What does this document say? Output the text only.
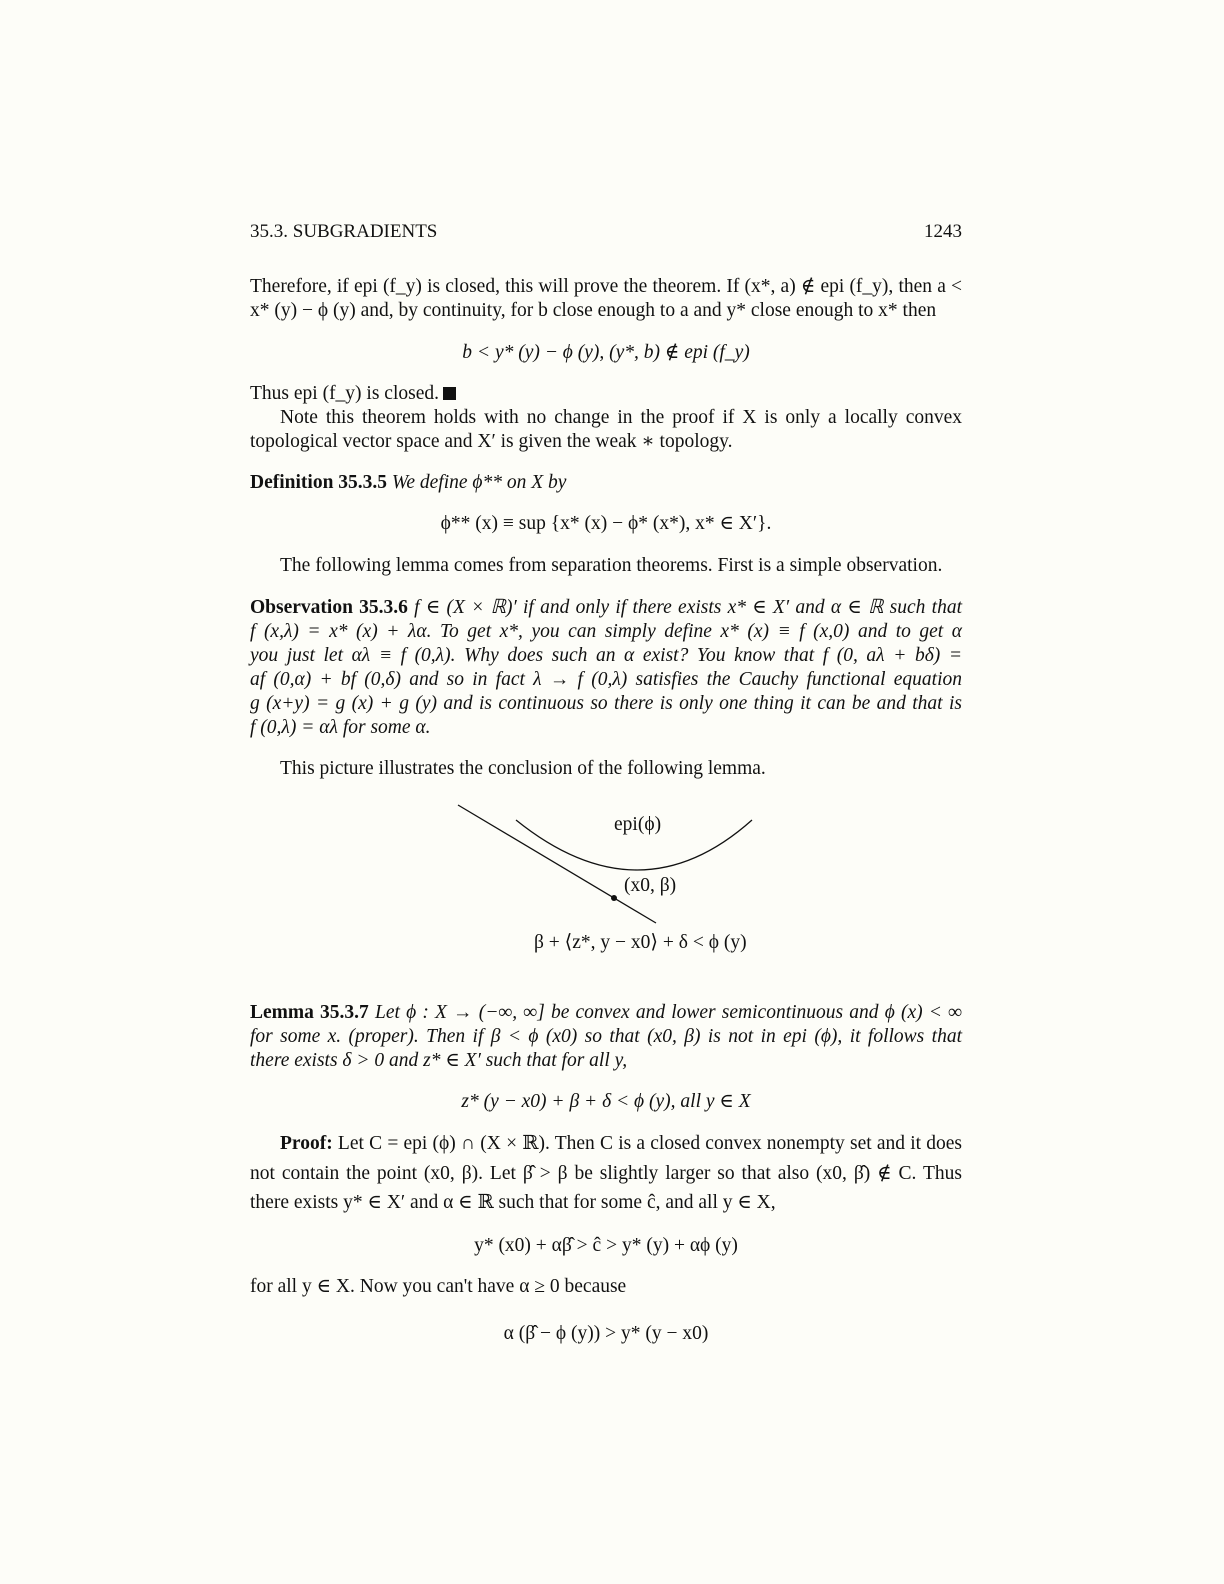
35.3. SUBGRADIENTS	1243
Therefore, if epi (f_y) is closed, this will prove the theorem. If (x*, a) ∉ epi (f_y), then a <
x* (y) − ϕ (y) and, by continuity, for b close enough to a and y* close enough to x* then
b < y* (y) − ϕ (y), (y*, b) ∉ epi (f_y)
Thus epi (f_y) is closed.
Note this theorem holds with no change in the proof if X is only a locally convex
topological vector space and X′ is given the weak ∗ topology.
Definition 35.3.5 We define ϕ** on X by
ϕ** (x) ≡ sup {x* (x) − ϕ* (x*), x* ∈ X′}.
The following lemma comes from separation theorems. First is a simple observation.
Observation 35.3.6 f ∈ (X × ℝ)′ if and only if there exists x* ∈ X′ and α ∈ ℝ such that
f (x,λ) = x* (x) + λα. To get x*, you can simply define x* (x) ≡ f (x,0) and to get α
you just let αλ ≡ f (0,λ). Why does such an α exist? You know that f (0, aλ + bδ) =
af (0,α) + bf (0,δ) and so in fact λ → f (0,λ) satisfies the Cauchy functional equation
g (x+y) = g (x) + g (y) and is continuous so there is only one thing it can be and that is
f (0,λ) = αλ for some α.
This picture illustrates the conclusion of the following lemma.
epi(ϕ)
(x0, β)
β + ⟨z*, y − x0⟩ + δ < ϕ (y)
Lemma 35.3.7 Let ϕ : X → (−∞, ∞] be convex and lower semicontinuous and ϕ (x) < ∞
for some x. (proper). Then if β < ϕ (x0) so that (x0, β) is not in epi (ϕ), it follows that
there exists δ > 0 and z* ∈ X′ such that for all y,
z* (y − x0) + β + δ < ϕ (y), all y ∈ X
Proof: Let C = epi (ϕ) ∩ (X × ℝ). Then C is a closed convex nonempty set and it does
not contain the point (x0, β). Let β̂ > β be slightly larger so that also (x0, β̂) ∉ C. Thus
there exists y* ∈ X′ and α ∈ ℝ such that for some ĉ, and all y ∈ X,
y* (x0) + αβ̂ > ĉ > y* (y) + αϕ (y)
for all y ∈ X. Now you can't have α ≥ 0 because
α (β̂ − ϕ (y)) > y* (y − x0)
